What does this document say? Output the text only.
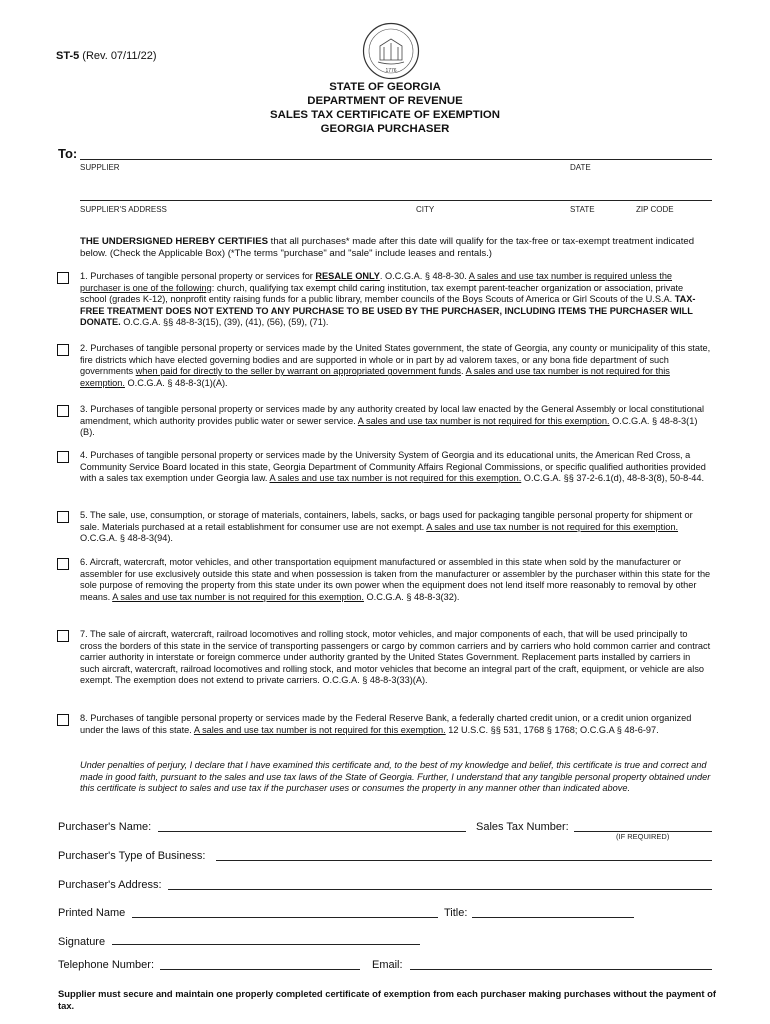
ST-5 (Rev. 07/11/22)
1776
STATE OF GEORGIA
DEPARTMENT OF REVENUE
SALES TAX CERTIFICATE OF EXEMPTION
GEORGIA PURCHASER
To:
SUPPLIER	DATE
SUPPLIER'S ADDRESS	CITY	STATE	ZIP CODE
THE UNDERSIGNED HEREBY CERTIFIES that all purchases* made after this date will qualify for the tax-free or tax-exempt treatment indicated below. (Check the Applicable Box) (*The terms "purchase" and "sale" include leases and rentals.)
1. Purchases of tangible personal property or services for RESALE ONLY. O.C.G.A. § 48-8-30. A sales and use tax number is required unless the purchaser is one of the following: church, qualifying tax exempt child caring institution, tax exempt parent-teacher organization or association, private school (grades K-12), nonprofit entity raising funds for a public library, member councils of the Boys Scouts of America or Girl Scouts of the U.S.A. TAX-FREE TREATMENT DOES NOT EXTEND TO ANY PURCHASE TO BE USED BY THE PURCHASER, INCLUDING ITEMS THE PURCHASER WILL DONATE. O.C.G.A. §§ 48-8-3(15), (39), (41), (56), (59), (71).
2. Purchases of tangible personal property or services made by the United States government, the state of Georgia, any county or municipality of this state, fire districts which have elected governing bodies and are supported in whole or in part by ad valorem taxes, or any bona fide department of such governments when paid for directly to the seller by warrant on appropriated government funds. A sales and use tax number is not required for this exemption. O.C.G.A. § 48-8-3(1)(A).
3. Purchases of tangible personal property or services made by any authority created by local law enacted by the General Assembly or local constitutional amendment, which authority provides public water or sewer service. A sales and use tax number is not required for this exemption. O.C.G.A. § 48-8-3(1)(B).
4. Purchases of tangible personal property or services made by the University System of Georgia and its educational units, the American Red Cross, a Community Service Board located in this state, Georgia Department of Community Affairs Regional Commissions, or specific qualified authorities provided with a sales tax exemption under Georgia law. A sales and use tax number is not required for this exemption. O.C.G.A. §§ 37-2-6.1(d), 48-8-3(8), 50-8-44.
5. The sale, use, consumption, or storage of materials, containers, labels, sacks, or bags used for packaging tangible personal property for shipment or sale. Materials purchased at a retail establishment for consumer use are not exempt. A sales and use tax number is not required for this exemption. O.C.G.A. § 48-8-3(94).
6. Aircraft, watercraft, motor vehicles, and other transportation equipment manufactured or assembled in this state when sold by the manufacturer or assembler for use exclusively outside this state and when possession is taken from the manufacturer or assembler by the purchaser within this state for the sole purpose of removing the property from this state under its own power when the equipment does not lend itself more reasonably to removal by other means. A sales and use tax number is not required for this exemption. O.C.G.A. § 48-8-3(32).
7. The sale of aircraft, watercraft, railroad locomotives and rolling stock, motor vehicles, and major components of each, that will be used principally to cross the borders of this state in the service of transporting passengers or cargo by common carriers and by carriers who hold common carrier and contract carrier authority in interstate or foreign commerce under authority granted by the United States Government. Replacement parts installed by carriers in such aircraft, watercraft, railroad locomotives and rolling stock, and motor vehicles that become an integral part of the craft, equipment, or vehicle are also exempt. The exemption does not extend to private carriers. O.C.G.A. § 48-8-3(33)(A).
8. Purchases of tangible personal property or services made by the Federal Reserve Bank, a federally charted credit union, or a credit union organized under the laws of this state. A sales and use tax number is not required for this exemption. 12 U.S.C. §§ 531, 1768 § 1768; O.C.G.A § 48-6-97.
Under penalties of perjury, I declare that I have examined this certificate and, to the best of my knowledge and belief, this certificate is true and correct and made in good faith, pursuant to the sales and use tax laws of the State of Georgia. Further, I understand that any tangible personal property obtained under this certificate is subject to sales and use tax if the purchaser uses or consumes the property in any manner other than indicated above.
Purchaser's Name:	Sales Tax Number:
(IF REQUIRED)
Purchaser's Type of Business:
Purchaser's Address:
Printed Name	Title:
Signature
Telephone Number:	Email:
Supplier must secure and maintain one properly completed certificate of exemption from each purchaser making purchases without the payment of tax.
